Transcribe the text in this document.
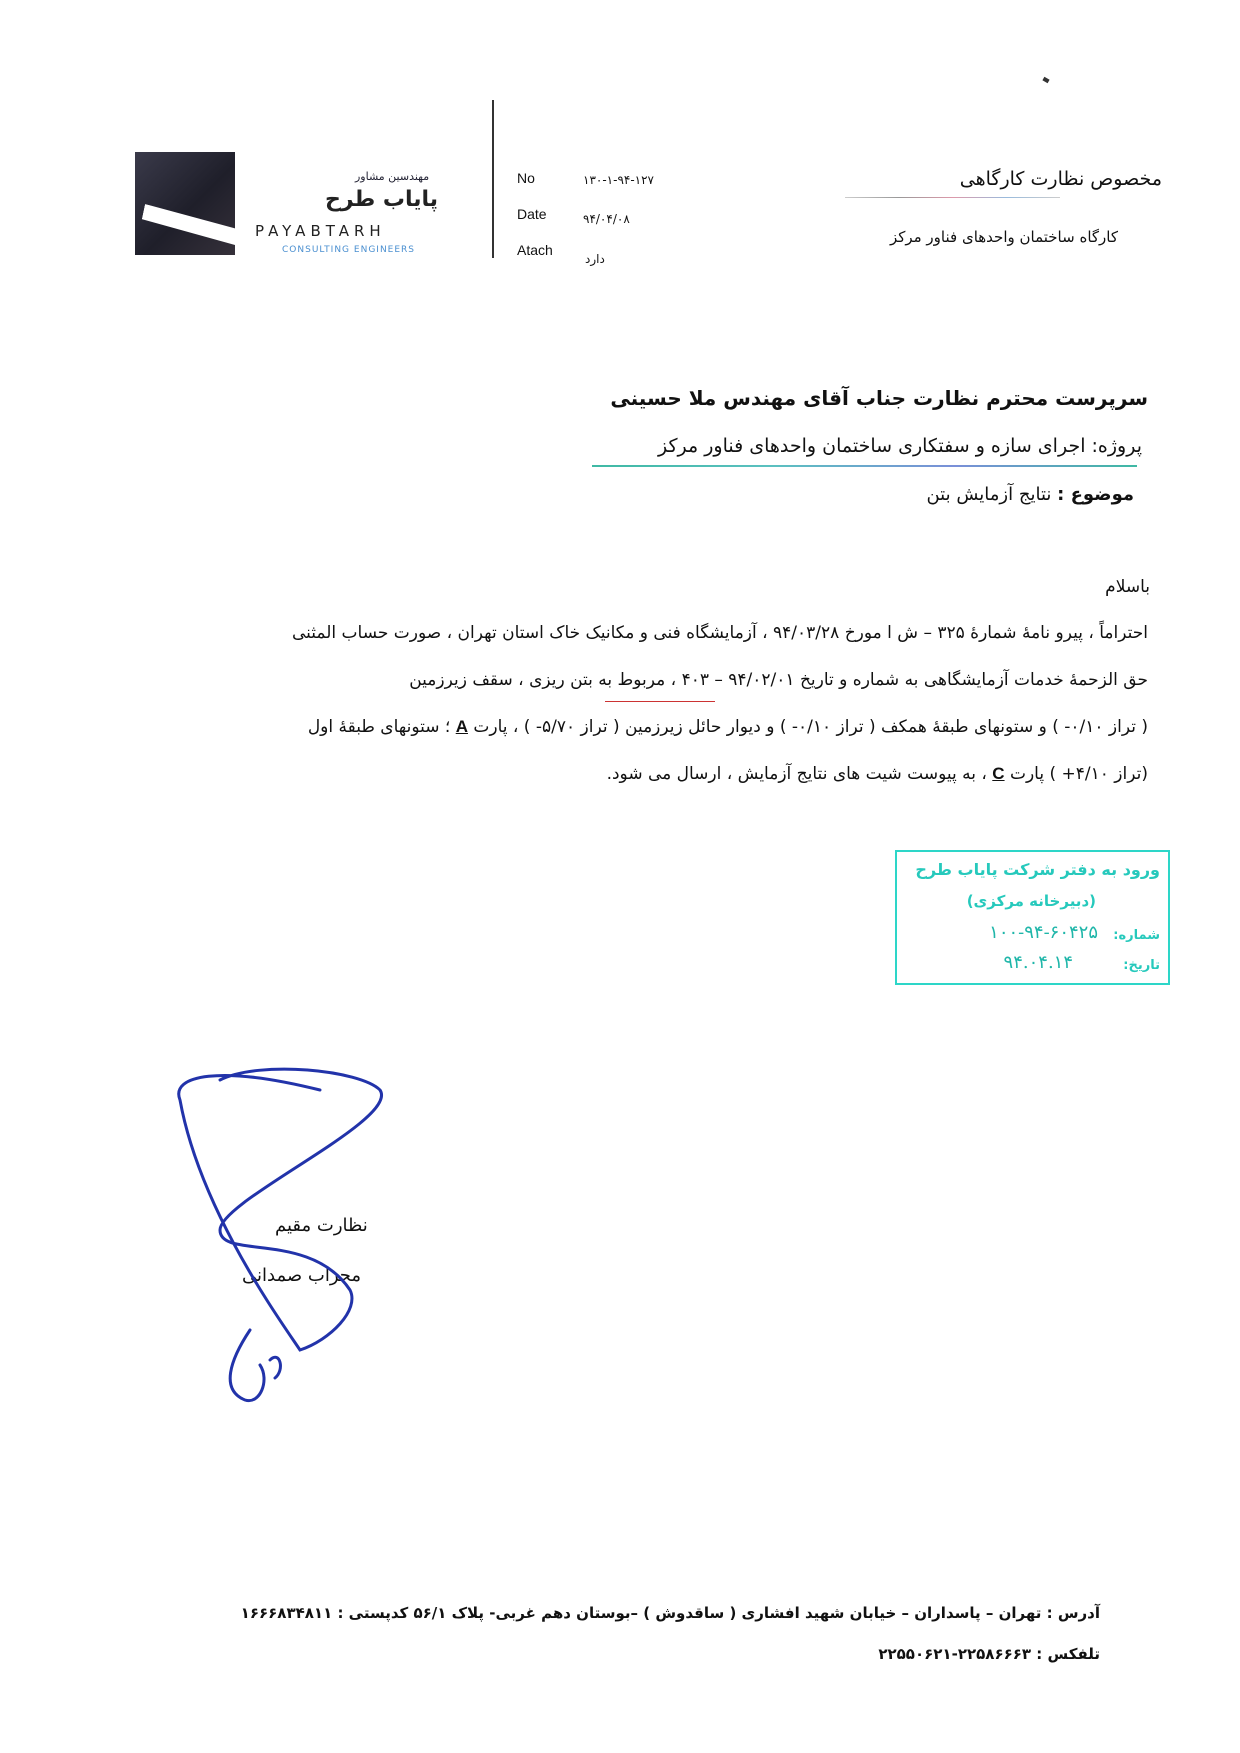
مهندسین مشاور
پایاب طرح
PAYABTARH
CONSULTING ENGINEERS
No	۱۳۰-۱-۹۴-۱۲۷
Date	۹۴/۰۴/۰۸
Atach
دارد
مخصوص نظارت کارگاهی
کارگاه ساختمان واحدهای فناور مرکز
سرپرست محترم نظارت جناب آقای مهندس ملا حسینی
پروژه: اجرای سازه و سفتکاری ساختمان واحدهای فناور مرکز
موضوع : نتایج آزمایش بتن
باسلام
احتراماً ، پیرو نامهٔ شمارهٔ ۳۲۵ – ش ا مورخ ۹۴/۰۳/۲۸ ، آزمایشگاه فنی و مکانیک خاک استان تهران ، صورت حساب المثنی
حق الزحمهٔ خدمات آزمایشگاهی به شماره و تاریخ ۹۴/۰۲/۰۱ – ۴۰۳ ، مربوط به بتن ریزی ، سقف زیرزمین
( تراز ۰/۱۰- ) و ستونهای طبقهٔ همکف ( تراز ۰/۱۰- ) و دیوار حائل زیرزمین ( تراز ۵/۷۰- ) ، پارت A ؛ ستونهای طبقهٔ اول
(تراز ۴/۱۰+ ) پارت C ، به پیوست شیت های نتایج آزمایش ، ارسال می شود.
ورود به دفتر شرکت پایاب طرح
(دبیرخانه مرکزی)
شماره:
۱۰۰-۹۴-۶۰۴۲۵
تاریخ:
۹۴.۰۴.۱۴
نظارت مقیم
محراب صمدانی
آدرس : تهران – پاسداران – خیابان شهید افشاری ( ساقدوش ) –بوستان دهم غربی- پلاک ۵۶/۱ کدپستی : ۱۶۶۶۸۳۴۸۱۱
تلفکس : ۲۲۵۸۶۶۶۳-۲۲۵۵۰۶۲۱
